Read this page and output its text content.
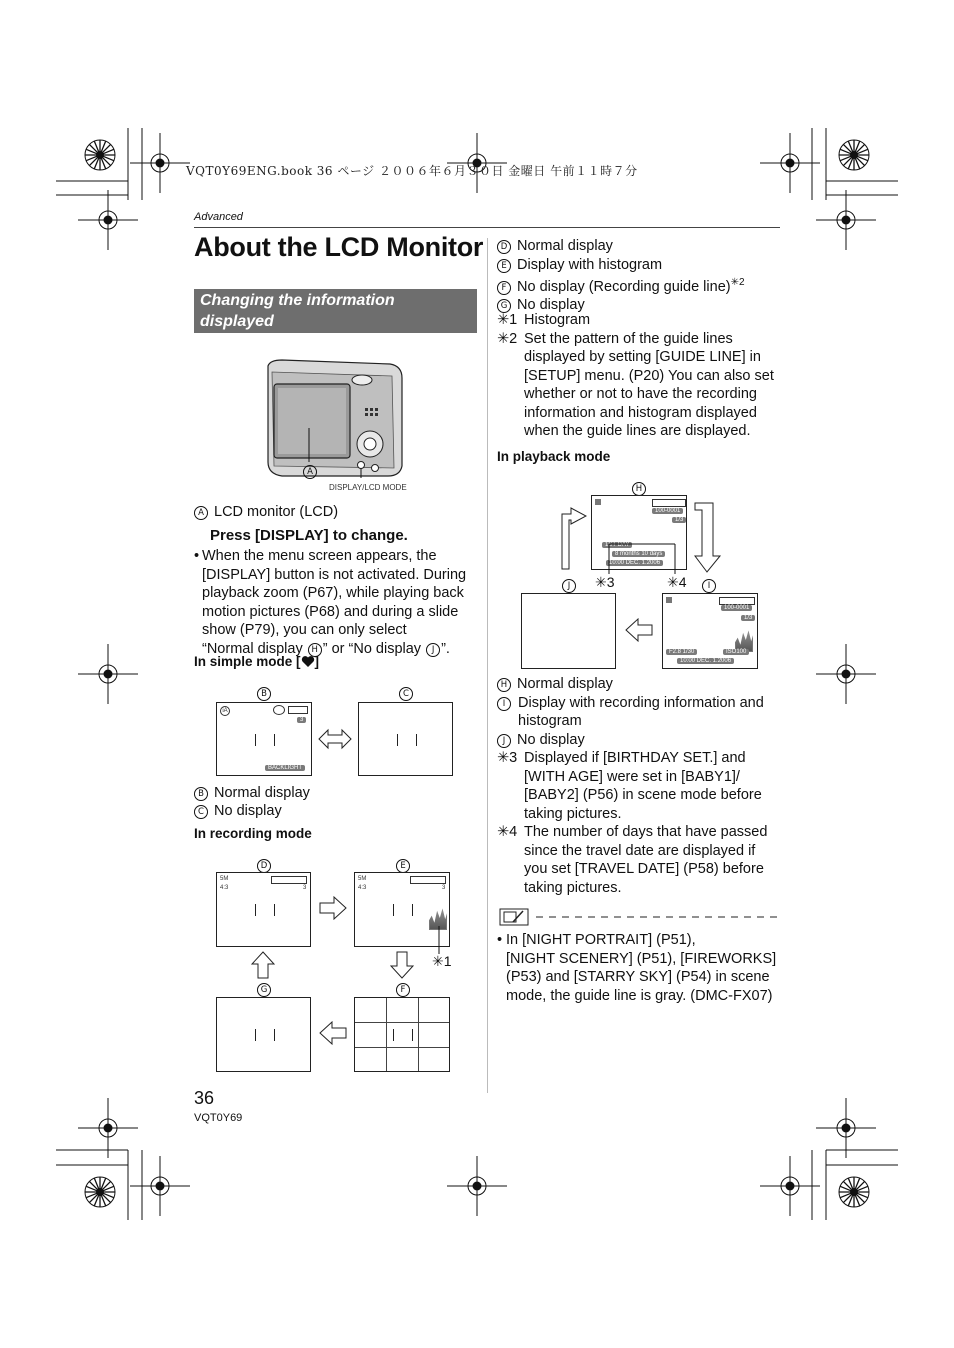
VQT0Y69ENG.book 36 ページ ２００６年６月３０日 金曜日 午前１１時７分
Advanced
About the LCD Monitor
Changing the information
displayed
A
DISPLAY/LCD MODE
A LCD monitor (LCD)
Press [DISPLAY] to change.
• When the menu screen appears, the
[DISPLAY] button is not activated. During
playback zoom (P67), while playing back
motion pictures (P68) and during a slide
show (P79), you can only select
“Normal display H ” or “No display J ”.
In simple mode [ ]
B	C
iA
3
BACKLIGHT
B Normal display
C No display
In recording mode
D	E
5M
4:3	3
5M
4:3	3
✳1
G	F
36
VQT0Y69
D Normal display
E Display with histogram
F No display (Recording guide line)$^{✳2}$
G No display
✳1 Histogram
✳2 Set the pattern of the guide lines
displayed by setting [GUIDE LINE] in
[SETUP] menu. (P20) You can also set
whether or not to have the recording
information and histogram displayed
when the guide lines are displayed.
In playback mode
H
100-0001
1/3
1ST DAY
8 months 10 days
10:00 DEC. 1.2006
J	✳3	✳4	I
100-0001
1/3
F2.8 1/30	ISO100
10:00 DEC. 1.2006
H Normal display
I Display with recording information and
histogram
J No display
✳3 Displayed if [BIRTHDAY SET.] and
[WITH AGE] were set in [BABY1]/
[BABY2] (P56) in scene mode before
taking pictures.
✳4 The number of days that have passed
since the travel date are displayed if
you set [TRAVEL DATE] (P58) before
taking pictures.
• In [NIGHT PORTRAIT] (P51),
[NIGHT SCENERY] (P51), [FIREWORKS]
(P53) and [STARRY SKY] (P54) in scene
mode, the guide line is gray. (DMC-FX07)
